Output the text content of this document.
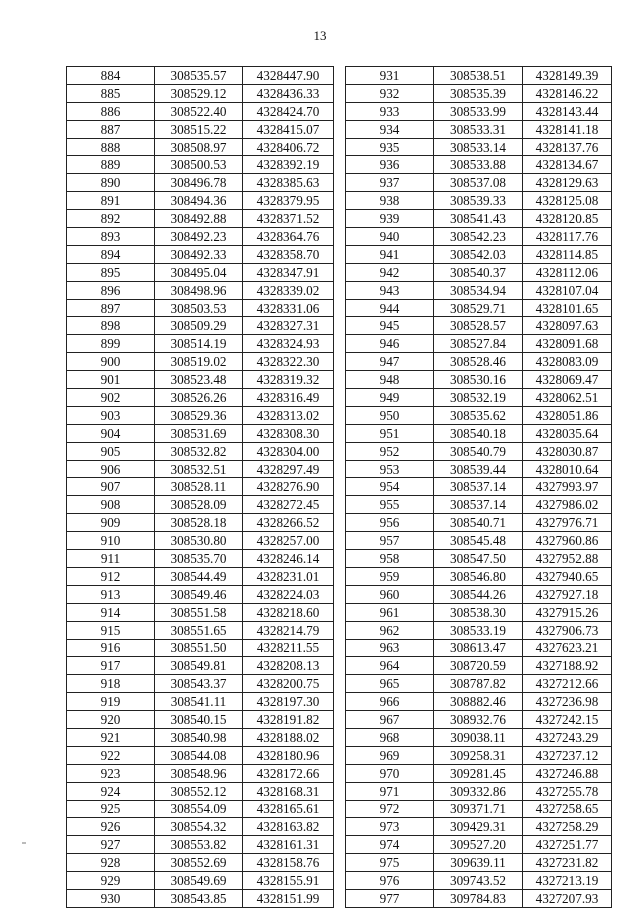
13
884	308535.57	4328447.90		931	308538.51	4328149.39
885	308529.12	4328436.33		932	308535.39	4328146.22
886	308522.40	4328424.70		933	308533.99	4328143.44
887	308515.22	4328415.07		934	308533.31	4328141.18
888	308508.97	4328406.72		935	308533.14	4328137.76
889	308500.53	4328392.19		936	308533.88	4328134.67
890	308496.78	4328385.63		937	308537.08	4328129.63
891	308494.36	4328379.95		938	308539.33	4328125.08
892	308492.88	4328371.52		939	308541.43	4328120.85
893	308492.23	4328364.76		940	308542.23	4328117.76
894	308492.33	4328358.70		941	308542.03	4328114.85
895	308495.04	4328347.91		942	308540.37	4328112.06
896	308498.96	4328339.02		943	308534.94	4328107.04
897	308503.53	4328331.06		944	308529.71	4328101.65
898	308509.29	4328327.31		945	308528.57	4328097.63
899	308514.19	4328324.93		946	308527.84	4328091.68
900	308519.02	4328322.30		947	308528.46	4328083.09
901	308523.48	4328319.32		948	308530.16	4328069.47
902	308526.26	4328316.49		949	308532.19	4328062.51
903	308529.36	4328313.02		950	308535.62	4328051.86
904	308531.69	4328308.30		951	308540.18	4328035.64
905	308532.82	4328304.00		952	308540.79	4328030.87
906	308532.51	4328297.49		953	308539.44	4328010.64
907	308528.11	4328276.90		954	308537.14	4327993.97
908	308528.09	4328272.45		955	308537.14	4327986.02
909	308528.18	4328266.52		956	308540.71	4327976.71
910	308530.80	4328257.00		957	308545.48	4327960.86
911	308535.70	4328246.14		958	308547.50	4327952.88
912	308544.49	4328231.01		959	308546.80	4327940.65
913	308549.46	4328224.03		960	308544.26	4327927.18
914	308551.58	4328218.60		961	308538.30	4327915.26
915	308551.65	4328214.79		962	308533.19	4327906.73
916	308551.50	4328211.55		963	308613.47	4327623.21
917	308549.81	4328208.13		964	308720.59	4327188.92
918	308543.37	4328200.75		965	308787.82	4327212.66
919	308541.11	4328197.30		966	308882.46	4327236.98
920	308540.15	4328191.82		967	308932.76	4327242.15
921	308540.98	4328188.02		968	309038.11	4327243.29
922	308544.08	4328180.96		969	309258.31	4327237.12
923	308548.96	4328172.66		970	309281.45	4327246.88
924	308552.12	4328168.31		971	309332.86	4327255.78
925	308554.09	4328165.61		972	309371.71	4327258.65
926	308554.32	4328163.82		973	309429.31	4327258.29
927	308553.82	4328161.31		974	309527.20	4327251.77
928	308552.69	4328158.76		975	309639.11	4327231.82
929	308549.69	4328155.91		976	309743.52	4327213.19
930	308543.85	4328151.99		977	309784.83	4327207.93
